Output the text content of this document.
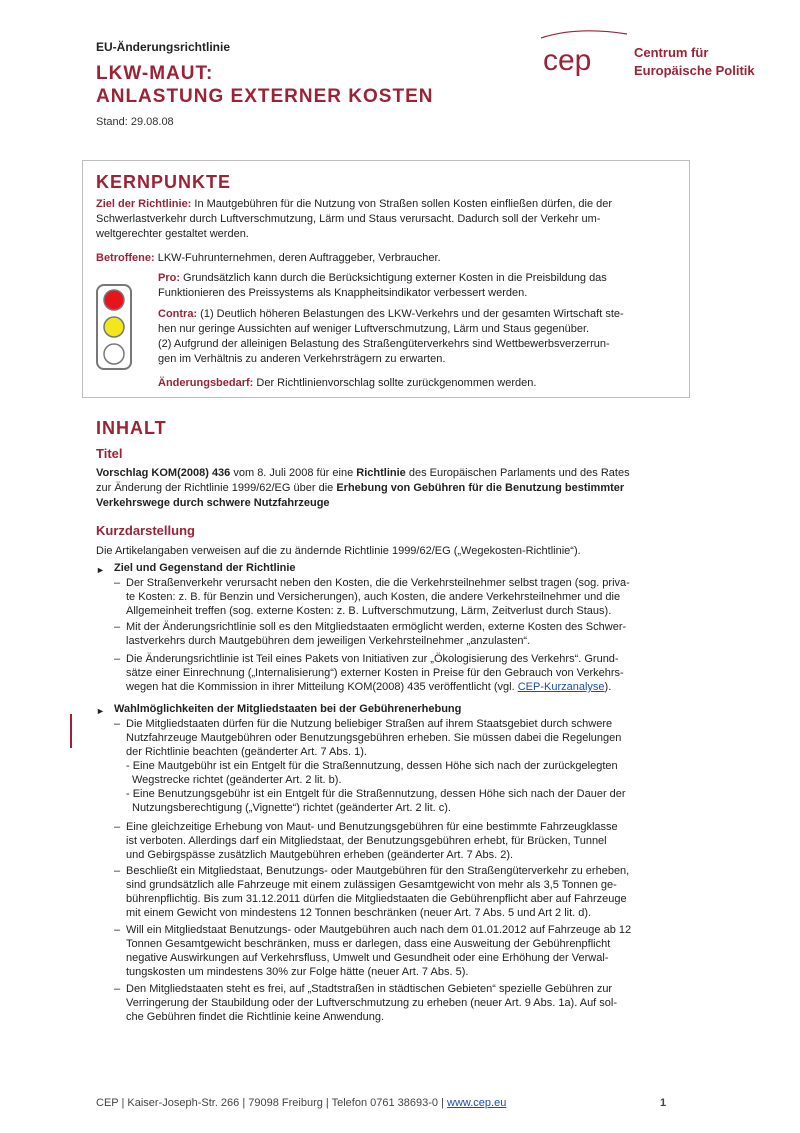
EU-Änderungsrichtlinie
LKW-MAUT:
ANLASTUNG EXTERNER KOSTEN
Stand: 29.08.08
cep	Centrum für
Europäische Politik
KERNPUNKTE
Ziel der Richtlinie: In Mautgebühren für die Nutzung von Straßen sollen Kosten einfließen dürfen, die der
Schwerlastverkehr durch Luftverschmutzung, Lärm und Staus verursacht. Dadurch soll der Verkehr um-
weltgerechter gestaltet werden.
Betroffene: LKW-Fuhrunternehmen, deren Auftraggeber, Verbraucher.
Pro: Grundsätzlich kann durch die Berücksichtigung externer Kosten in die Preisbildung das
Funktionieren des Preissystems als Knappheitsindikator verbessert werden.
Contra: (1) Deutlich höheren Belastungen des LKW-Verkehrs und der gesamten Wirtschaft ste-
hen nur geringe Aussichten auf weniger Luftverschmutzung, Lärm und Staus gegenüber.
(2) Aufgrund der alleinigen Belastung des Straßengüterverkehrs sind Wettbewerbsverzerrun-
gen im Verhältnis zu anderen Verkehrsträgern zu erwarten.
Änderungsbedarf: Der Richtlinienvorschlag sollte zurückgenommen werden.
INHALT
Titel
Vorschlag KOM(2008) 436 vom 8. Juli 2008 für eine Richtlinie des Europäischen Parlaments und des Rates
zur Änderung der Richtlinie 1999/62/EG über die Erhebung von Gebühren für die Benutzung bestimmter
Verkehrswege durch schwere Nutzfahrzeuge
Kurzdarstellung
Die Artikelangaben verweisen auf die zu ändernde Richtlinie 1999/62/EG („Wegekosten-Richtlinie“).
► Ziel und Gegenstand der Richtlinie
– Der Straßenverkehr verursacht neben den Kosten, die die Verkehrsteilnehmer selbst tragen (sog. priva-
te Kosten: z. B. für Benzin und Versicherungen), auch Kosten, die andere Verkehrsteilnehmer und die
Allgemeinheit treffen (sog. externe Kosten: z. B. Luftverschmutzung, Lärm, Zeitverlust durch Staus).
– Mit der Änderungsrichtlinie soll es den Mitgliedstaaten ermöglicht werden, externe Kosten des Schwer-
lastverkehrs durch Mautgebühren dem jeweiligen Verkehrsteilnehmer „anzulasten“.
– Die Änderungsrichtlinie ist Teil eines Pakets von Initiativen zur „Ökologisierung des Verkehrs“. Grund-
sätze einer Einrechnung („Internalisierung“) externer Kosten in Preise für den Gebrauch von Verkehrs-
wegen hat die Kommission in ihrer Mitteilung KOM(2008) 435 veröffentlicht (vgl. CEP-Kurzanalyse).
► Wahlmöglichkeiten der Mitgliedstaaten bei der Gebührenerhebung
– Die Mitgliedstaaten dürfen für die Nutzung beliebiger Straßen auf ihrem Staatsgebiet durch schwere
Nutzfahrzeuge Mautgebühren oder Benutzungsgebühren erheben. Sie müssen dabei die Regelungen
der Richtlinie beachten (geänderter Art. 7 Abs. 1).
- Eine Mautgebühr ist ein Entgelt für die Straßennutzung, dessen Höhe sich nach der zurückgelegten
Wegstrecke richtet (geänderter Art. 2 lit. b).
- Eine Benutzungsgebühr ist ein Entgelt für die Straßennutzung, dessen Höhe sich nach der Dauer der
Nutzungsberechtigung („Vignette“) richtet (geänderter Art. 2 lit. c).
– Eine gleichzeitige Erhebung von Maut- und Benutzungsgebühren für eine bestimmte Fahrzeugklasse
ist verboten. Allerdings darf ein Mitgliedstaat, der Benutzungsgebühren erhebt, für Brücken, Tunnel
und Gebirgspässe zusätzlich Mautgebühren erheben (geänderter Art. 7 Abs. 2).
– Beschließt ein Mitgliedstaat, Benutzungs- oder Mautgebühren für den Straßengüterverkehr zu erheben,
sind grundsätzlich alle Fahrzeuge mit einem zulässigen Gesamtgewicht von mehr als 3,5 Tonnen ge-
bührenpflichtig. Bis zum 31.12.2011 dürfen die Mitgliedstaaten die Gebührenpflicht aber auf Fahrzeuge
mit einem Gewicht von mindestens 12 Tonnen beschränken (neuer Art. 7 Abs. 5 und Art 2 lit. d).
– Will ein Mitgliedstaat Benutzungs- oder Mautgebühren auch nach dem 01.01.2012 auf Fahrzeuge ab 12
Tonnen Gesamtgewicht beschränken, muss er darlegen, dass eine Ausweitung der Gebührenpflicht
negative Auswirkungen auf Verkehrsfluss, Umwelt und Gesundheit oder eine Erhöhung der Verwal-
tungskosten um mindestens 30% zur Folge hätte (neuer Art. 7 Abs. 5).
– Den Mitgliedstaaten steht es frei, auf „Stadtstraßen in städtischen Gebieten“ spezielle Gebühren zur
Verringerung der Staubildung oder der Luftverschmutzung zu erheben (neuer Art. 9 Abs. 1a). Auf sol-
che Gebühren findet die Richtlinie keine Anwendung.
CEP | Kaiser-Joseph-Str. 266 | 79098 Freiburg | Telefon 0761 38693-0 | www.cep.eu	1
